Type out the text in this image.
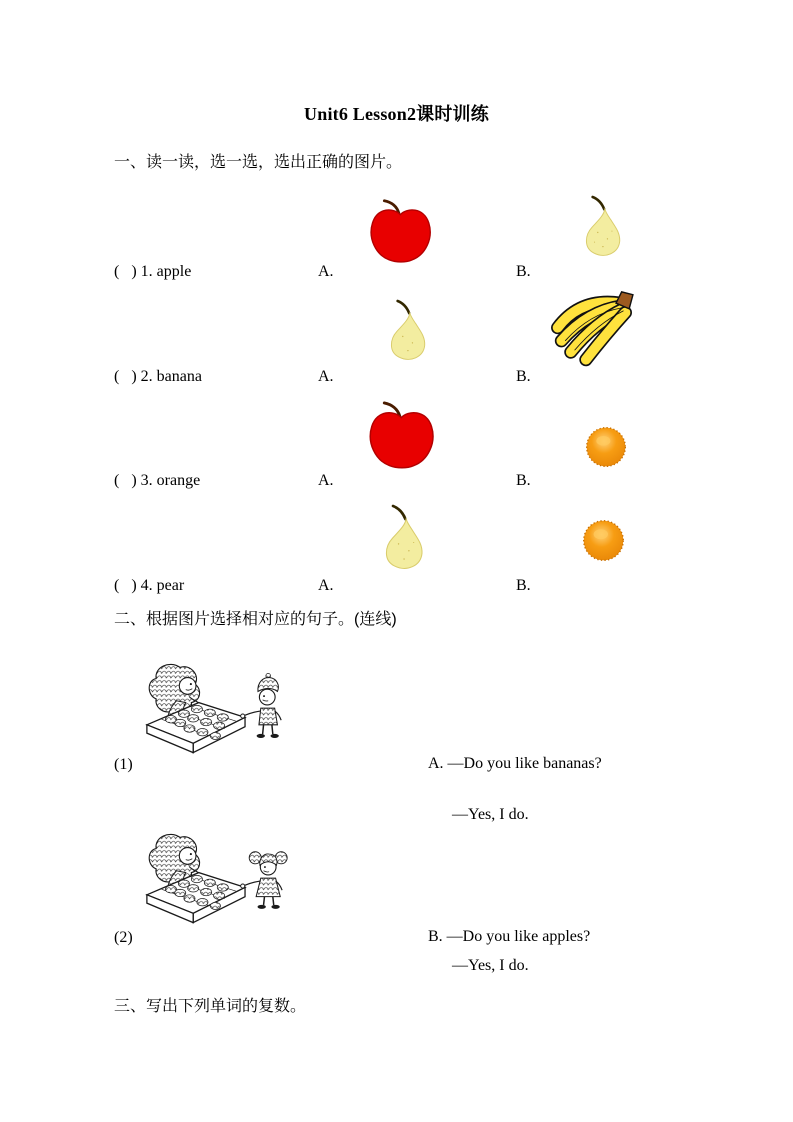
Unit6 Lesson2课时训练
一、读一读，选一选，选出正确的图片。
(   ) 1. apple	A.	B.
(   ) 2. banana	A.	B.
(   ) 3. orange	A.	B.
(   ) 4. pear	A.	B.
二、根据图片选择相对应的句子。(连线)
(1)	A. —Do you like bananas?
—Yes, I do.
(2)	B. —Do you like apples?
—Yes, I do.
三、写出下列单词的复数。
